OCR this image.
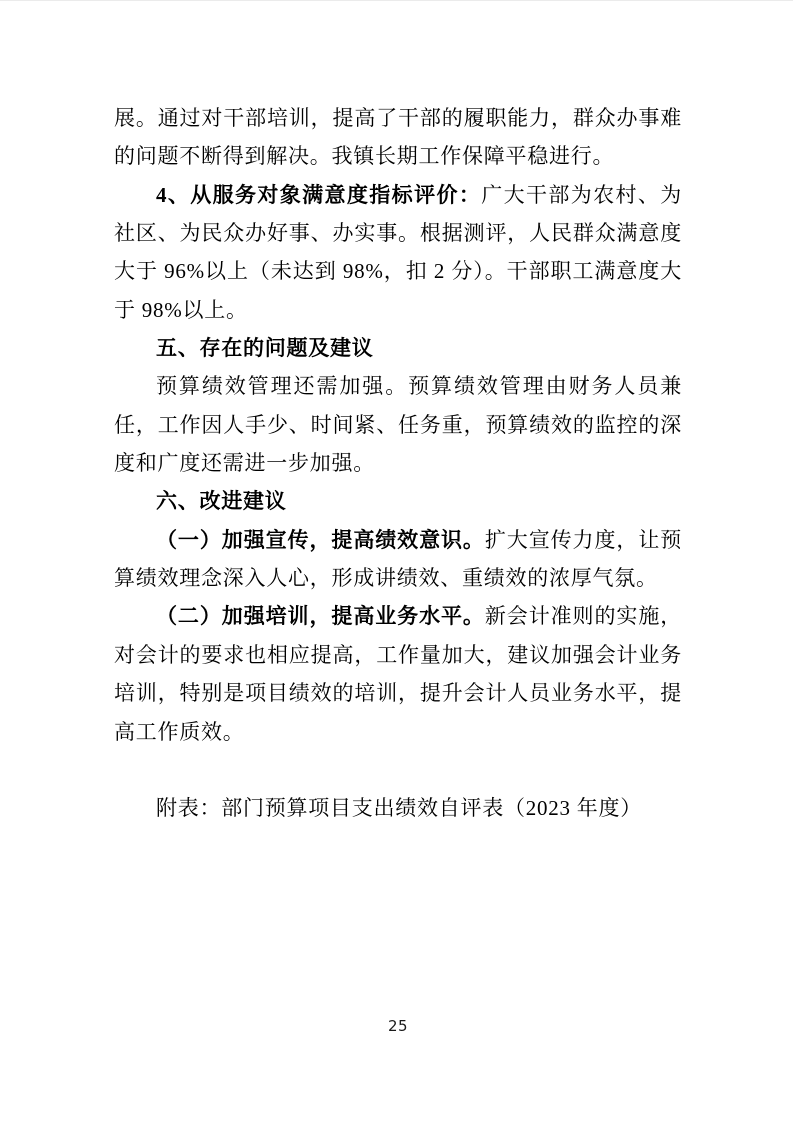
展。通过对干部培训，提高了干部的履职能力，群众办事难的问题不断得到解决。我镇长期工作保障平稳进行。

4、从服务对象满意度指标评价：广大干部为农村、为社区、为民众办好事、办实事。根据测评，人民群众满意度大于 96%以上（未达到 98%，扣 2 分）。干部职工满意度大于 98%以上。

五、存在的问题及建议

预算绩效管理还需加强。预算绩效管理由财务人员兼任，工作因人手少、时间紧、任务重，预算绩效的监控的深度和广度还需进一步加强。

六、改进建议

（一）加强宣传，提高绩效意识。扩大宣传力度，让预算绩效理念深入人心，形成讲绩效、重绩效的浓厚气氛。

（二）加强培训，提高业务水平。新会计准则的实施，对会计的要求也相应提高，工作量加大，建议加强会计业务培训，特别是项目绩效的培训，提升会计人员业务水平，提高工作质效。

附表：部门预算项目支出绩效自评表（2023 年度）

25
